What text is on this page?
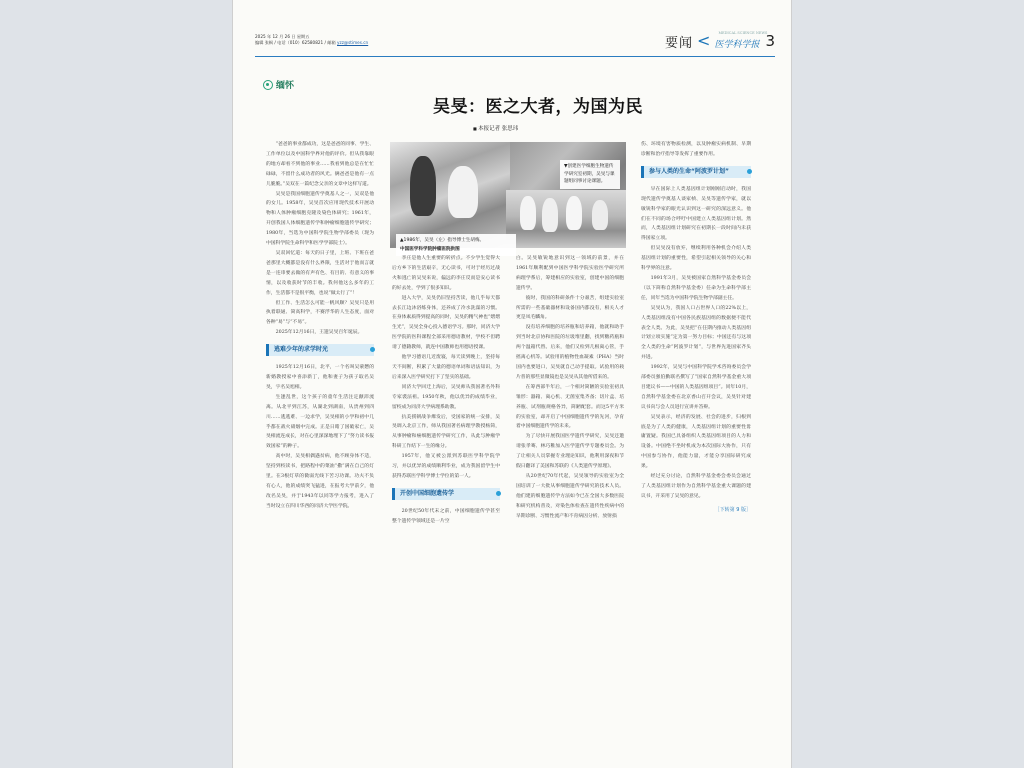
2025 年 12 月 26 日 星期五
编辑 张枫 / 电话（010）62580821 / 邮箱 yzz@stimes.cn	要闻 < MEDICAL SCIENCE NEWS
医学科学报 3
缅怀
吴旻：医之大者，为国为民
■ 本报记者 张思玮
▼创建医学细胞生物遗传学研究室初期，吴旻与课题组同事讨论课题。
▲1986年，吴旻（左）指导博士生胡梅。
中国医学科学院肿瘤医院供图

“爸爸的事业都成功，这是爸爸的同事、学生、工作单位以及中国科学界对他的评价。但从我靠眼的地方却看不到他的事业……我看到他总是在忙忙碌碌，不留什么成功者的风光。俩爸爸是他有一点儿脆脆。”吴双在一篇纪念父亲的文章中这样写道。

吴旻是我国细胞遗传学奠基人之一，吴双是他的女儿。1958年，吴旻首次应用现代技术开展动物和人体肿瘤细胞克隆及染色体研究；1961年，开创我国人体细胞遗传学和肿瘤细胞遗传学研究；1980年，当选为中国科学院生物学部委员（现为中国科学院生命科学和医学学部院士）。

吴双回忆道：每天的日子里，上班、下班在爸爸那里大概都是没有什么界限，生活对于他而言就是一连串要去做的有声有色、有目的、有意义的事情，以及收获时节的丰收。我何他这么多年的工作，生活都不是很平衡，也说“做太行了”！

但工作、生活怎么可能一帆风顺？吴旻只是用执着联通、简高科学，不赛浮华的人生态度，面对各种“易”与“不易”。

2025年12月16日，王遗吴旻百年诞辰。

逃难少年的求学时光

1925年12月16日，北平，一个名叫吴蒙懋的新婚教授家中喜添新丁，他和妻子为孩子取名吴旻，字名吴旭相。

生逢乱世，这个孩子的童年生活注定颠沛流离。从北平到江苏，从湖北到湖南，从贵州到四川……逃逃难、一边求学，吴旻相的小学和初中几乎都在战火硝烟中完成。正是日睹了国破家亡，吴旻相流连成长，对在心里深深地埋下了“努力读书报效国家”的种子。

高中时，吴旻相偶遇贫病，他不顾身体不适，坚持到校读书，把路程中的菜油“撒”满在自己的灯里。在3根灯草的微弱光线下苦习功课。功夫不负有心人，他的成绩突飞猛进，在报考大学前夕，他改名吴旻，并于1943年以同等学力报考，进入了当时设立在四川华西的同济大学医学院。

李庄是他人生重要的转折点。不少学生觉得大后方乡下的生活艰辛，无心读书，可对于经历过战火和逃亡的吴旻来说，偏远的李庄反而是安心读书的好去处，学到了很多知识。

进入大学，吴旻仍旧坚持苦读，他几乎每天都去长江边沐浴练身体，还养成了冷水洗澡的习惯。在身体素质得到提高的同时，吴旻的精气神也“熠熠生光”，吴旻全身心投入德语学习。那时，同济大学医学院的医科课程全部采用德语教材，学校不但聘请了德籍教师，就连中国教师也用德语授课。

他学习德语几近废寝，每天读到晚上，坚持每天不间断，积累了大量的德语单词和语法知识，为后来深入医学研究打下了坚实的基础。

同济大学回迁上海后，吴旻师从我国著名外科专家裘法祖。1950年秋，他以优异的成绩毕业，留校成为同济大学病理系助教。

抗美援朝战争爆发后，受国家的统一安排，吴旻调入北京工作，师从我国著名病理学教授杨简，从事肿瘤和癌细胞遗传学研究工作，从此与肿瘤学科研工作结下一生的缘分。

1957年，他又被公派到苏联医学科学院学习，并以优异的成绩顺利毕业，成为我国留学生中获得苏联医学科学博士学位的第一人。

开创中国细胞遗传学

20世纪50年代末之前，中国细胞遗传学甚至整个遗传学领域还是一片空

白。吴旻敏锐地意识到这一领域的前景，并在1961年顺利配到中国医学科学院实验医学研究所病理学系后，筹建相应的实验室，创建中国的细胞遗传学。

彼时，我国的科研条件十分艰苦，组建实验室所需的一些基础器材和设备国内都没有，相关人才更是凤毛麟角。

没有培养细胞的培养瓶和培养箱，他就和助手到当时北京协和医院的垃圾堆里翻，找到糖药瓶和两个温箱代替。后来，他们又检到几根离心管，手摇离心机等。试验用的植物性血凝素（PHA）当时国内也要进口，吴旻就自己动手提取。试验用的载片普的那些显微镜也是吴旻从其他所借来的。

在筹西部半年后，一个相对简陋的实验室初具雏形：器箱、离心机、无菌室集齐备；切片盒、培养瓶、试剂瓶规格各异，简陋配套。而这5平方米的实验室，却开启了中国细胞遗传学的先河，孕育着中国细胞遗传学的未来。

为了尽快开展我国医学遗传学研究，吴旻还邀请张孝骞、林巧稚加入医学遗传学专题委员会。为了让相关人员掌握专业理论知识，他利用深夜和节假日翻译了美国和苏联的《人类遗传学原理》。

从20世纪70年代起，吴旻领导的实验室为全国培训了一大批从事细胞遗传学研究的技术人员。他们建的细胞遗传学方法如今已在全国大多数医院和研究机构普及，对染色体检查在遗传性疾病中的早期诊断、习惯性流产和不育病因分析、放射损

伤、环境有害物质检测，以及肿瘤实病机制、早期诊断和治疗指导等发挥了重要作用。

参与人类的生命“阿波罗计划”

早在国际上人类基因组计划刚刚启动时，我国现代遗传学奠基人谈家桢、吴旻等遗传学家，就以敏锐科学家的眼光认识到这一研究的深远意义。他们在不同的场合呼吁中国建立人类基因组计划。然而，人类基因组计划研究在初期长一段时间内未获得国家立项。

但吴旻没有放弃，继续利用各种机会介绍人类基因组计划的重要性，希望引起相关领导的关心和科学界的注意。

1991年3月，吴旻被国家自然科学基金委员会（以下简称自然科学基金委）任命为生命科学部主任，同年当选为中国科学院生物学部副主任。

吴旻认为，我国人口占世界人口的22%以上，人类基因组没有中国各民族基因组的数据便不能代表全人类。为此，吴旻把“在任期内推动人类基因组计划立项实施”定为第一努力目标；中国还有与这项全人类的生命“阿波罗计划”，与世界先进国家齐头并进。

1992年，吴旻与中国科学院学术咨询委员会学部委员强伯勤联名撰写了“国家自然科学基金重大项目建议书——中国的人类基因组项目”。同年10月，自然科学基金委在北京香山召开会议，吴旻针对建议书向与会人员进行宣讲并答辩。

吴旻表示，经济的发展、社会的进步，归根到底是为了人类的健康，人类基因组计划的重要性毋庸置疑。我国已具备组织人类基因组项目的人力和设备。中国绝不坐时机成为本次国际大协作，只有中国参与协作，他能力量，才能分享国际研究成果。

经过充分讨论，自然科学基金委会委员会通过了人类基因组计划作为自然科学基金重大课题的建议书，开采用了吴旻的意见。

［下转第 9 版］
